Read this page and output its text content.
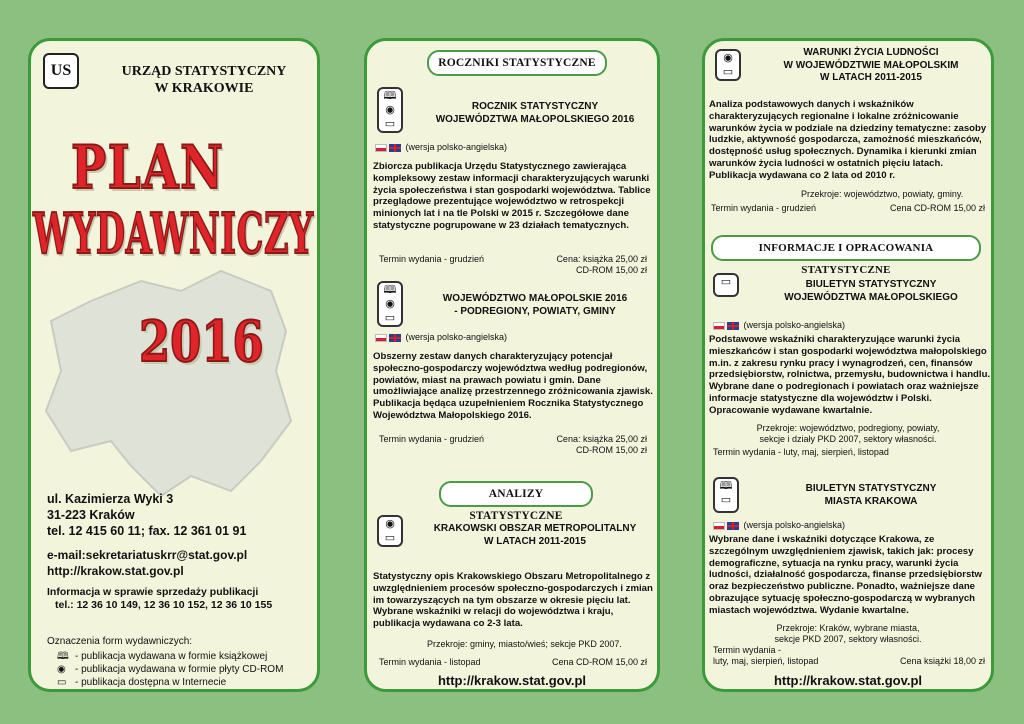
US	URZĄD STATYSTYCZNY
W KRAKOWIE
PLAN
WYDAWNICZY
2016
ul. Kazimierza Wyki 3
31-223 Kraków
tel. 12 415 60 11; fax. 12 361 01 91
e-mail:sekretariatuskrr@stat.gov.pl
http://krakow.stat.gov.pl
Informacja w sprawie sprzedaży publikacji
tel.: 12 36 10 149, 12 36 10 152, 12 36 10 155
Oznaczenia form wydawniczych:
🕮 - publikacja wydawana w formie książkowej
◉ - publikacja wydawana w formie płyty CD-ROM
▭ - publikacja dostępna w Internecie
ROCZNIKI STATYSTYCZNE
🕮
◉
▭
ROCZNIK STATYSTYCZNY
WOJEWÓDZTWA MAŁOPOLSKIEGO 2016
(wersja polsko-angielska)
Zbiorcza publikacja Urzędu Statystycznego zawierająca kompleksowy zestaw informacji charakteryzujących warunki życia społeczeństwa i stan gospodarki województwa. Tablice przeglądowe prezentujące województwo w retrospekcji minionych lat i na tle Polski w 2015 r. Szczegółowe dane statystyczne pogrupowane w 23 działach tematycznych.
Termin wydania - grudzień	Cena: książka 25,00 zł
CD-ROM 15,00 zł
🕮
◉
▭
WOJEWÓDZTWO MAŁOPOLSKIE 2016
- PODREGIONY, POWIATY, GMINY
(wersja polsko-angielska)
Obszerny zestaw danych charakteryzujący potencjał społeczno-gospodarczy województwa według podregionów, powiatów, miast na prawach powiatu i gmin. Dane umożliwiające analizę przestrzennego zróżnicowania zjawisk. Publikacja będąca uzupełnieniem Rocznika Statystycznego Województwa Małopolskiego 2016.
Termin wydania - grudzień	Cena: książka 25,00 zł
CD-ROM 15,00 zł
ANALIZY STATYSTYCZNE
◉
▭
KRAKOWSKI OBSZAR METROPOLITALNY
W LATACH 2011-2015
Statystyczny opis Krakowskiego Obszaru Metropolitalnego z uwzględnieniem procesów społeczno-gospodarczych i zmian im towarzyszących na tym obszarze w okresie pięciu lat. Wybrane wskaźniki w relacji do województwa i kraju, publikacja wydawana co 2-3 lata.
Przekroje: gminy, miasto/wieś; sekcje PKD 2007.
Termin wydania - listopad	Cena CD-ROM 15,00 zł
http://krakow.stat.gov.pl
◉
▭
WARUNKI ŻYCIA LUDNOŚCI
W WOJEWÓDZTWIE MAŁOPOLSKIM
W LATACH 2011-2015
Analiza podstawowych danych i wskaźników charakteryzujących regionalne i lokalne zróżnicowanie warunków życia w podziale na dziedziny tematyczne: zasoby ludzkie, aktywność gospodarcza, zamożność mieszkańców, dostępność usług społecznych. Dynamika i kierunki zmian warunków życia ludności w ostatnich pięciu latach. Publikacja wydawana co 2 lata od 2010 r.
Przekroje: województwo, powiaty, gminy.
Termin wydania - grudzień	Cena CD-ROM 15,00 zł
INFORMACJE I OPRACOWANIA STATYSTYCZNE
▭	BIULETYN STATYSTYCZNY
WOJEWÓDZTWA MAŁOPOLSKIEGO
(wersja polsko-angielska)
Podstawowe wskaźniki charakteryzujące warunki życia mieszkańców i stan gospodarki województwa małopolskiego m.in. z zakresu rynku pracy i wynagrodzeń, cen, finansów przedsiębiorstw, rolnictwa, przemysłu, budownictwa i handlu. Wybrane dane o podregionach i powiatach oraz ważniejsze informacje statystyczne dla województw i Polski. Opracowanie wydawane kwartalnie.
Przekroje: województwo, podregiony, powiaty,
sekcje i działy PKD 2007, sektory własności.
Termin wydania - luty, maj, sierpień, listopad
🕮
▭
BIULETYN STATYSTYCZNY
MIASTA KRAKOWA
(wersja polsko-angielska)
Wybrane dane i wskaźniki dotyczące Krakowa, ze szczególnym uwzględnieniem zjawisk, takich jak: procesy demograficzne, sytuacja na rynku pracy, warunki życia ludności, działalność gospodarcza, finanse przedsiębiorstw oraz bezpieczeństwo publiczne. Ponadto, ważniejsze dane obrazujące sytuację społeczno-gospodarczą w wybranych miastach województwa. Wydanie kwartalne.
Przekroje: Kraków, wybrane miasta,
sekcje PKD 2007, sektory własności.
Termin wydania -
luty, maj, sierpień, listopad	Cena książki 18,00 zł
http://krakow.stat.gov.pl
